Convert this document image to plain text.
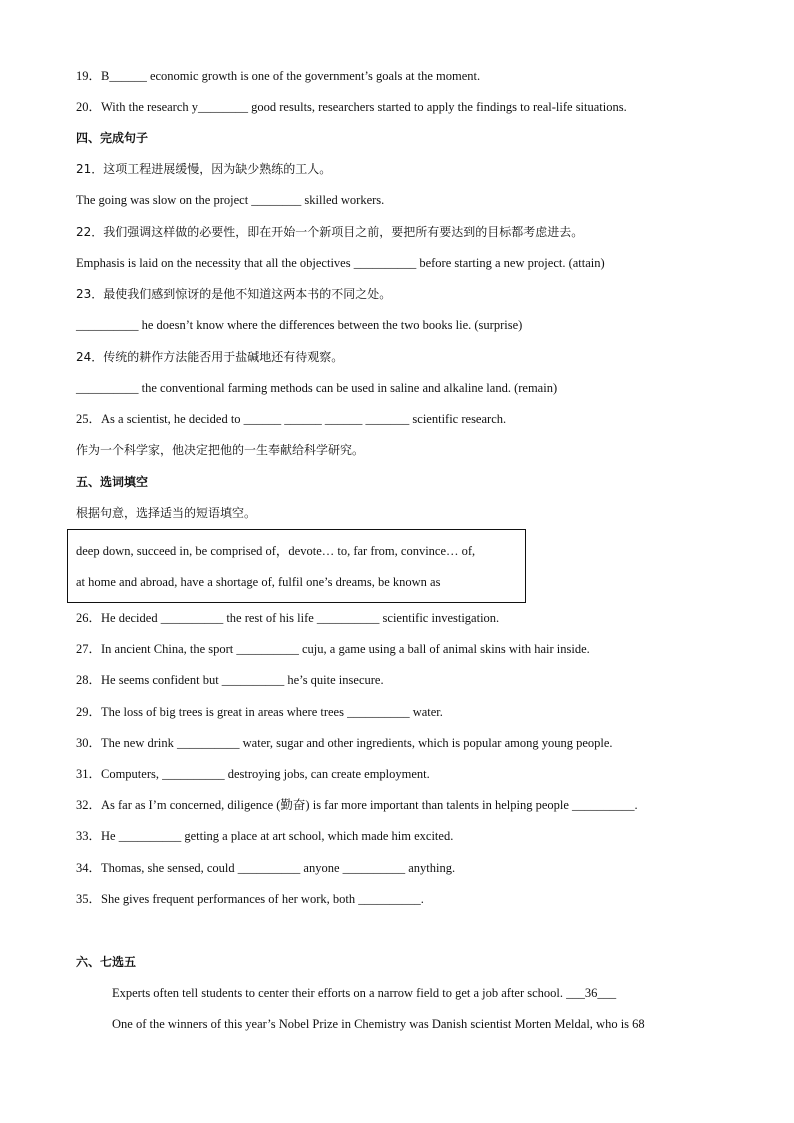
19．B______ economic growth is one of the government’s goals at the moment.
20．With the research y________ good results, researchers started to apply the findings to real-life situations.
四、完成句子
21．这项工程进展缓慢，因为缺少熟练的工人。
The going was slow on the project ________ skilled workers.
22．我们强调这样做的必要性，即在开始一个新项目之前，要把所有要达到的目标都考虑进去。
Emphasis is laid on the necessity that all the objectives __________ before starting a new project. (attain)
23．最使我们感到惊讶的是他不知道这两本书的不同之处。
__________ he doesn’t know where the differences between the two books lie. (surprise)
24．传统的耕作方法能否用于盐碱地还有待观察。
__________ the conventional farming methods can be used in saline and alkaline land. (remain)
25．As a scientist, he decided to ______ ______ ______ _______ scientific research.
作为一个科学家，他决定把他的一生奉献给科学研究。
五、选词填空
根据句意，选择适当的短语填空。
deep down, succeed in, be comprised of，devote… to, far from, convince… of,
at home and abroad, have a shortage of, fulfil one’s dreams, be known as
26．He decided __________ the rest of his life __________ scientific investigation.
27．In ancient China, the sport __________ cuju, a game using a ball of animal skins with hair inside.
28．He seems confident but __________ he’s quite insecure.
29．The loss of big trees is great in areas where trees __________ water.
30．The new drink __________ water, sugar and other ingredients, which is popular among young people.
31．Computers, __________ destroying jobs, can create employment.
32．As far as I’m concerned, diligence (勤奋) is far more important than talents in helping people __________.
33．He __________ getting a place at art school, which made him excited.
34．Thomas, she sensed, could __________ anyone __________ anything.
35．She gives frequent performances of her work, both __________.
六、七选五
Experts often tell students to center their efforts on a narrow field to get a job after school. ___36___
One of the winners of this year’s Nobel Prize in Chemistry was Danish scientist Morten Meldal, who is 68
